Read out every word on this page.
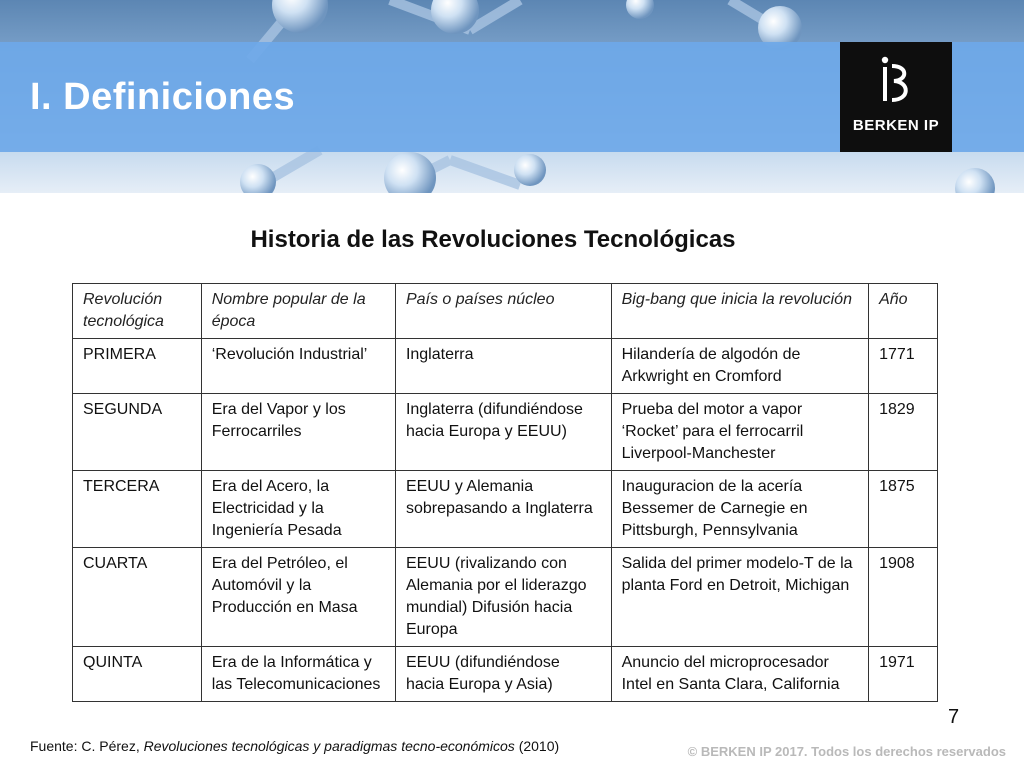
I. Definiciones
BERKEN IP
Historia de las Revoluciones Tecnológicas
Revolución tecnológica	Nombre popular de la época	País o países núcleo	Big-bang que inicia la revolución	Año
PRIMERA	‘Revolución Industrial’	Inglaterra	Hilandería de algodón de Arkwright en Cromford	1771
SEGUNDA	Era del Vapor y los Ferrocarriles	Inglaterra (difundiéndose hacia Europa y EEUU)	Prueba del motor a vapor ‘Rocket’ para el ferrocarril Liverpool-Manchester	1829
TERCERA	Era del Acero, la Electricidad y la Ingeniería Pesada	EEUU y Alemania sobrepasando a Inglaterra	Inauguracion de la acería Bessemer de Carnegie en Pittsburgh, Pennsylvania	1875
CUARTA	Era del Petróleo, el Automóvil y la Producción en Masa	EEUU (rivalizando con Alemania por el liderazgo mundial) Difusión hacia Europa	Salida del primer modelo-T de la planta Ford en Detroit, Michigan	1908
QUINTA	Era de la Informática y las Telecomunicaciones	EEUU (difundiéndose hacia Europa y Asia)	Anuncio del microprocesador Intel en Santa Clara, California	1971
7
Fuente: C. Pérez, Revoluciones tecnológicas y paradigmas tecno-económicos (2010)	© BERKEN IP 2017. Todos los derechos reservados
